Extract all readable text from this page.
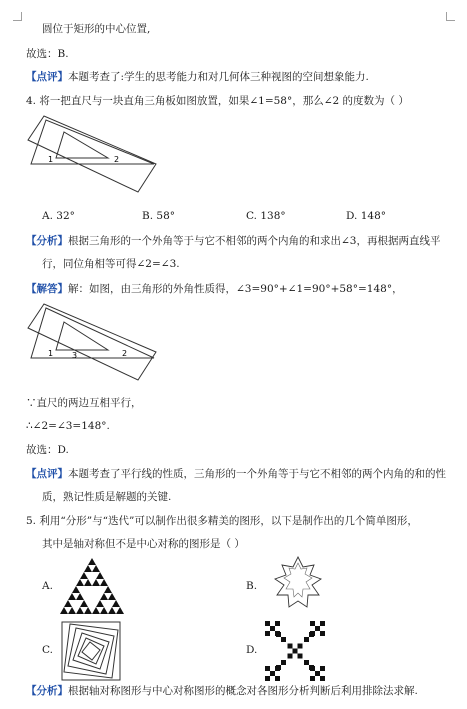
圆位于矩形的中心位置,
故选：B.
【点评】本题考查了:学生的思考能力和对几何体三种视图的空间想象能力.
4. 将一把直尺与一块直角三角板如图放置，如果∠1=58°，那么∠2 的度数为（ ）
1	2
A. 32°	B. 58°	C. 138°	D. 148°
【分析】根据三角形的一个外角等于与它不相邻的两个内角的和求出∠3，再根据两直线平
行，同位角相等可得∠2=∠3.
【解答】解：如图，由三角形的外角性质得，∠3=90°+∠1=90°+58°=148°，
1 3	2
∵直尺的两边互相平行，
∴∠2=∠3=148°.
故选：D.
【点评】本题考查了平行线的性质，三角形的一个外角等于与它不相邻的两个内角的和的性
质，熟记性质是解题的关键.
5. 利用“分形”与“迭代”可以制作出很多精美的图形，以下是制作出的几个简单图形，
其中是轴对称但不是中心对称的图形是（ ）
A.	B.
C.	D.
【分析】根据轴对称图形与中心对称图形的概念对各图形分析判断后利用排除法求解.
